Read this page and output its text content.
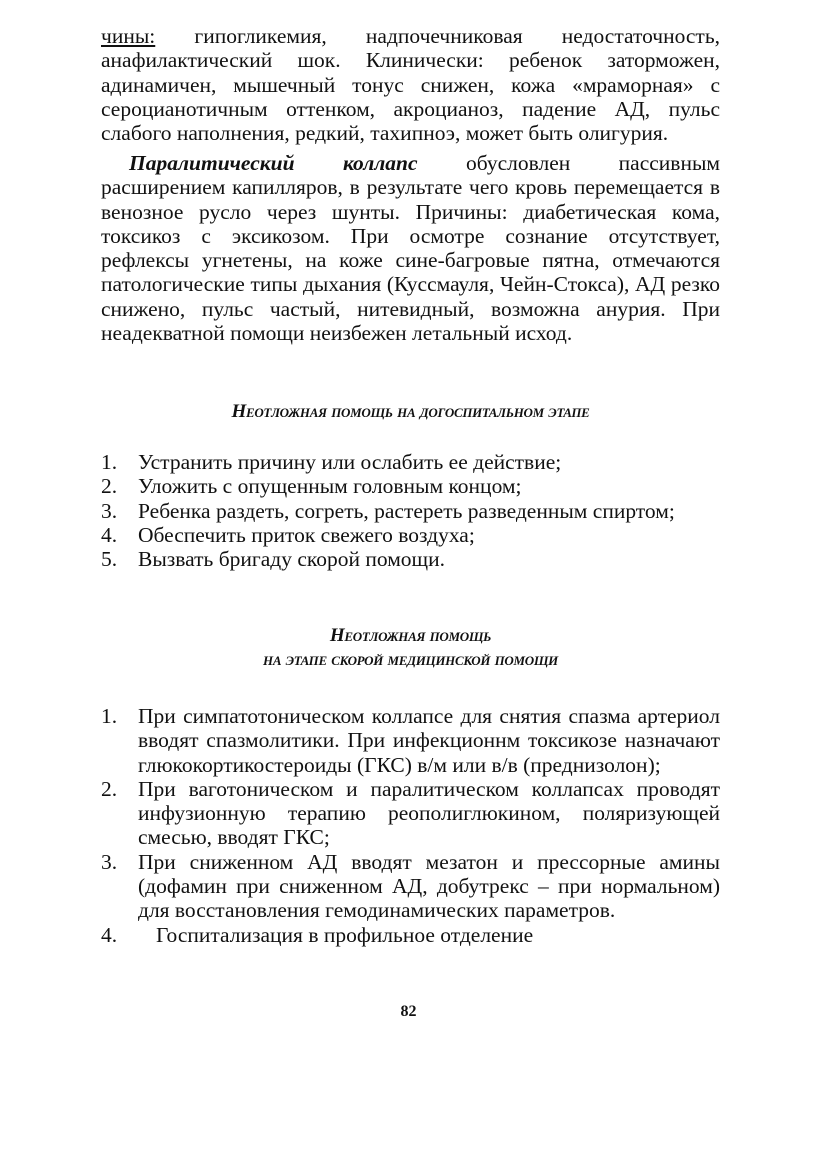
чины: гипогликемия, надпочечниковая недостаточность, анафилактический шок. Клинически: ребенок заторможен, адинамичен, мышечный тонус снижен, кожа «мраморная» с сероцианотичным оттенком, акроцианоз, падение АД, пульс слабого наполнения, редкий, тахипноэ, может быть олигурия.

Паралитический коллапс обусловлен пассивным расширением капилляров, в результате чего кровь перемещается в венозное русло через шунты. Причины: диабетическая кома, токсикоз с эксикозом. При осмотре сознание отсутствует, рефлексы угнетены, на коже сине-багровые пятна, отмечаются патологические типы дыхания (Куссмауля, Чейн-Стокса), АД резко снижено, пульс частый, нитевидный, возможна анурия. При неадекватной помощи неизбежен летальный исход.

Неотложная помощь на догоспитальном этапе
1. Устранить причину или ослабить ее действие;
2. Уложить с опущенным головным концом;
3. Ребенка раздеть, согреть, растереть разведенным спиртом;
4. Обеспечить приток свежего воздуха;
5. Вызвать бригаду скорой помощи.
Неотложная помощь
на этапе скорой медицинской помощи
1. При симпатотоническом коллапсе для снятия спазма артериол вводят спазмолитики. При инфекционнм токсикозе назначают глюкокортикостероиды (ГКС) в/м или в/в (преднизолон);
2. При ваготоническом и паралитическом коллапсах проводят инфузионную терапию реополиглюкином, поляризующей смесью, вводят ГКС;
3. При сниженном АД вводят мезатон и прессорные амины (дофамин при сниженном АД, добутрекс – при нормальном) для восстановления гемодинамических параметров.
4.	Госпитализация в профильное отделение
82
